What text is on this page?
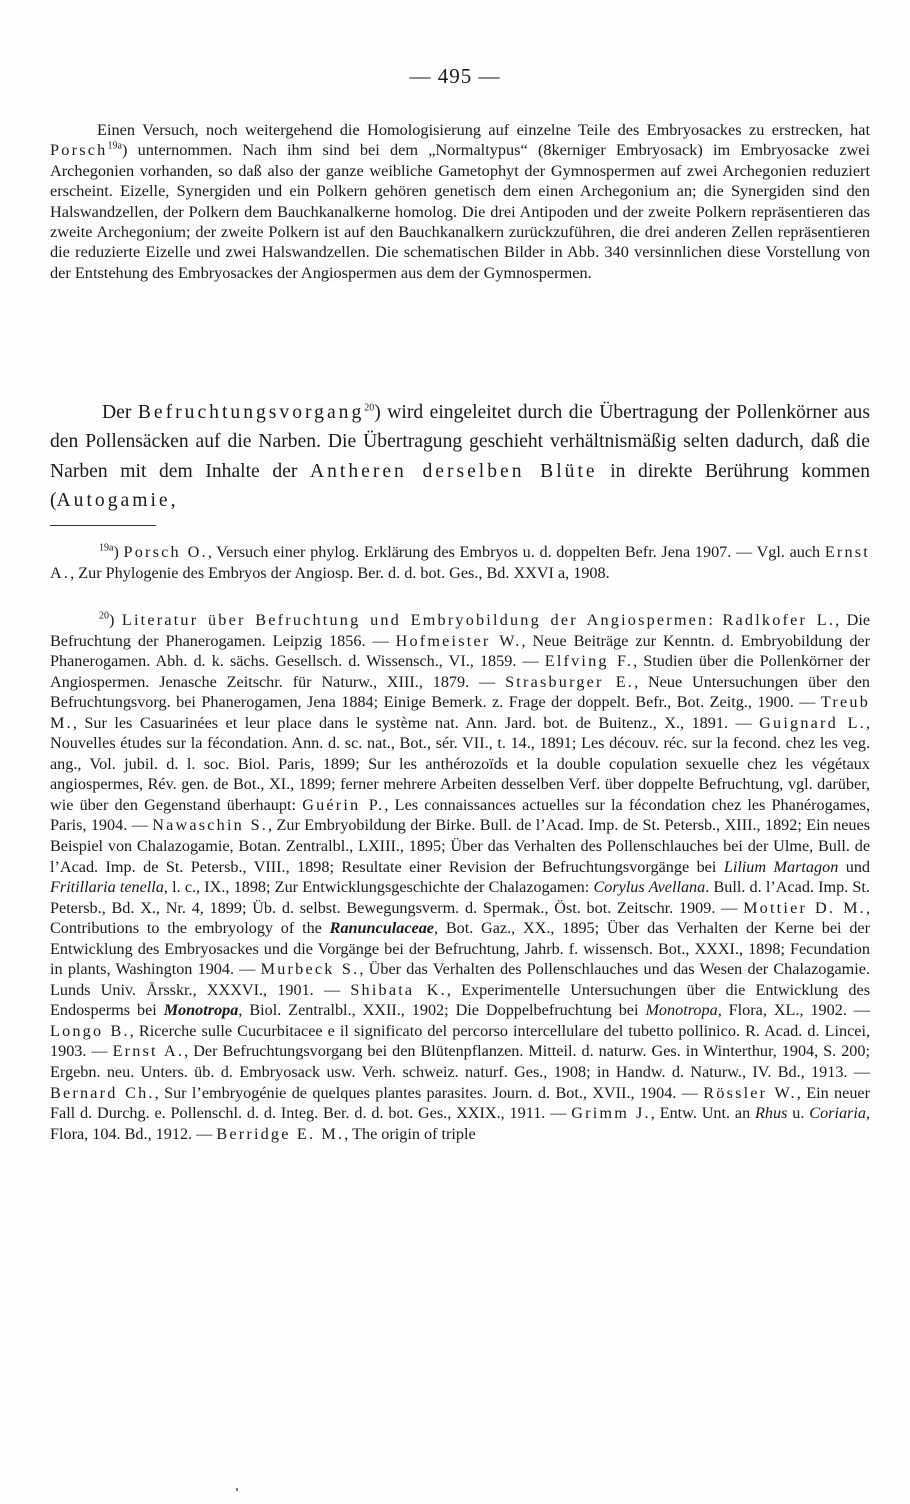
— 495 —
Einen Versuch, noch weitergehend die Homologisierung auf einzelne Teile des Embryosackes zu erstrecken, hat Porsch$^{19a}$) unternommen. Nach ihm sind bei dem „Normaltypus“ (8kerniger Embryosack) im Embryosacke zwei Archegonien vorhanden, so daß also der ganze weibliche Gametophyt der Gymnospermen auf zwei Archegonien reduziert erscheint. Eizelle, Synergiden und ein Polkern gehören genetisch dem einen Archegonium an; die Synergiden sind den Halswandzellen, der Polkern dem Bauchkanalkerne homolog. Die drei Antipoden und der zweite Polkern repräsentieren das zweite Archegonium; der zweite Polkern ist auf den Bauchkanalkern zurückzuführen, die drei anderen Zellen repräsentieren die reduzierte Eizelle und zwei Halswandzellen. Die schematischen Bilder in Abb. 340 versinnlichen diese Vorstellung von der Entstehung des Embryosackes der Angiospermen aus dem der Gymnospermen.
Der Befruchtungsvorgang$^{20}$) wird eingeleitet durch die Übertragung der Pollenkörner aus den Pollensäcken auf die Narben. Die Übertragung geschieht verhältnismäßig selten dadurch, daß die Narben mit dem Inhalte der Antheren derselben Blüte in direkte Berührung kommen (Autogamie,
$^{19a}$) Porsch O., Versuch einer phylog. Erklärung des Embryos u. d. doppelten Befr. Jena 1907. — Vgl. auch Ernst A., Zur Phylogenie des Embryos der Angiosp. Ber. d. d. bot. Ges., Bd. XXVI a, 1908.
$^{20}$) Literatur über Befruchtung und Embryobildung der Angiospermen: Radlkofer L., Die Befruchtung der Phanerogamen. Leipzig 1856. — Hofmeister W., Neue Beiträge zur Kenntn. d. Embryobildung der Phanerogamen. Abh. d. k. sächs. Gesellsch. d. Wissensch., VI., 1859. — Elfving F., Studien über die Pollenkörner der Angiospermen. Jenasche Zeitschr. für Naturw., XIII., 1879. — Strasburger E., Neue Untersuchungen über den Befruchtungsvorg. bei Phanerogamen, Jena 1884; Einige Bemerk. z. Frage der doppelt. Befr., Bot. Zeitg., 1900. — Treub M., Sur les Casuarinées et leur place dans le système nat. Ann. Jard. bot. de Buitenz., X., 1891. — Guignard L., Nouvelles études sur la fécondation. Ann. d. sc. nat., Bot., sér. VII., t. 14., 1891; Les découv. réc. sur la fecond. chez les veg. ang., Vol. jubil. d. l. soc. Biol. Paris, 1899; Sur les anthérozoïds et la double copulation sexuelle chez les végétaux angiospermes, Rév. gen. de Bot., XI., 1899; ferner mehrere Arbeiten desselben Verf. über doppelte Befruchtung, vgl. darüber, wie über den Gegenstand überhaupt: Guérin P., Les connaissances actuelles sur la fécondation chez les Phanérogames, Paris, 1904. — Nawaschin S., Zur Embryobildung der Birke. Bull. de l’Acad. Imp. de St. Petersb., XIII., 1892; Ein neues Beispiel von Chalazogamie, Botan. Zentralbl., LXIII., 1895; Über das Verhalten des Pollenschlauches bei der Ulme, Bull. de l’Acad. Imp. de St. Petersb., VIII., 1898; Resultate einer Revision der Befruchtungsvorgänge bei Lilium Martagon und Fritillaria tenella, l. c., IX., 1898; Zur Entwicklungsgeschichte der Chalazogamen: Corylus Avellana. Bull. d. l’Acad. Imp. St. Petersb., Bd. X., Nr. 4, 1899; Üb. d. selbst. Bewegungsverm. d. Spermak., Öst. bot. Zeitschr. 1909. — Mottier D. M., Contributions to the embryology of the Ranunculaceae, Bot. Gaz., XX., 1895; Über das Verhalten der Kerne bei der Entwicklung des Embryosackes und die Vorgänge bei der Befruchtung, Jahrb. f. wissensch. Bot., XXXI., 1898; Fecundation in plants, Washington 1904. — Murbeck S., Über das Verhalten des Pollenschlauches und das Wesen der Chalazogamie. Lunds Univ. Årsskr., XXXVI., 1901. — Shibata K., Experimentelle Untersuchungen über die Entwicklung des Endosperms bei Monotropa, Biol. Zentralbl., XXII., 1902; Die Doppelbefruchtung bei Monotropa, Flora, XL., 1902. — Longo B., Ricerche sulle Cucurbitacee e il significato del percorso intercellulare del tubetto pollinico. R. Acad. d. Lincei, 1903. — Ernst A., Der Befruchtungsvorgang bei den Blütenpflanzen. Mitteil. d. naturw. Ges. in Winterthur, 1904, S. 200; Ergebn. neu. Unters. üb. d. Embryosack usw. Verh. schweiz. naturf. Ges., 1908; in Handw. d. Naturw., IV. Bd., 1913. — Bernard Ch., Sur l’embryogénie de quelques plantes parasites. Journ. d. Bot., XVII., 1904. — Rössler W., Ein neuer Fall d. Durchg. e. Pollenschl. d. d. Integ. Ber. d. d. bot. Ges., XXIX., 1911. — Grimm J., Entw. Unt. an Rhus u. Coriaria, Flora, 104. Bd., 1912. — Berridge E. M., The origin of triple
